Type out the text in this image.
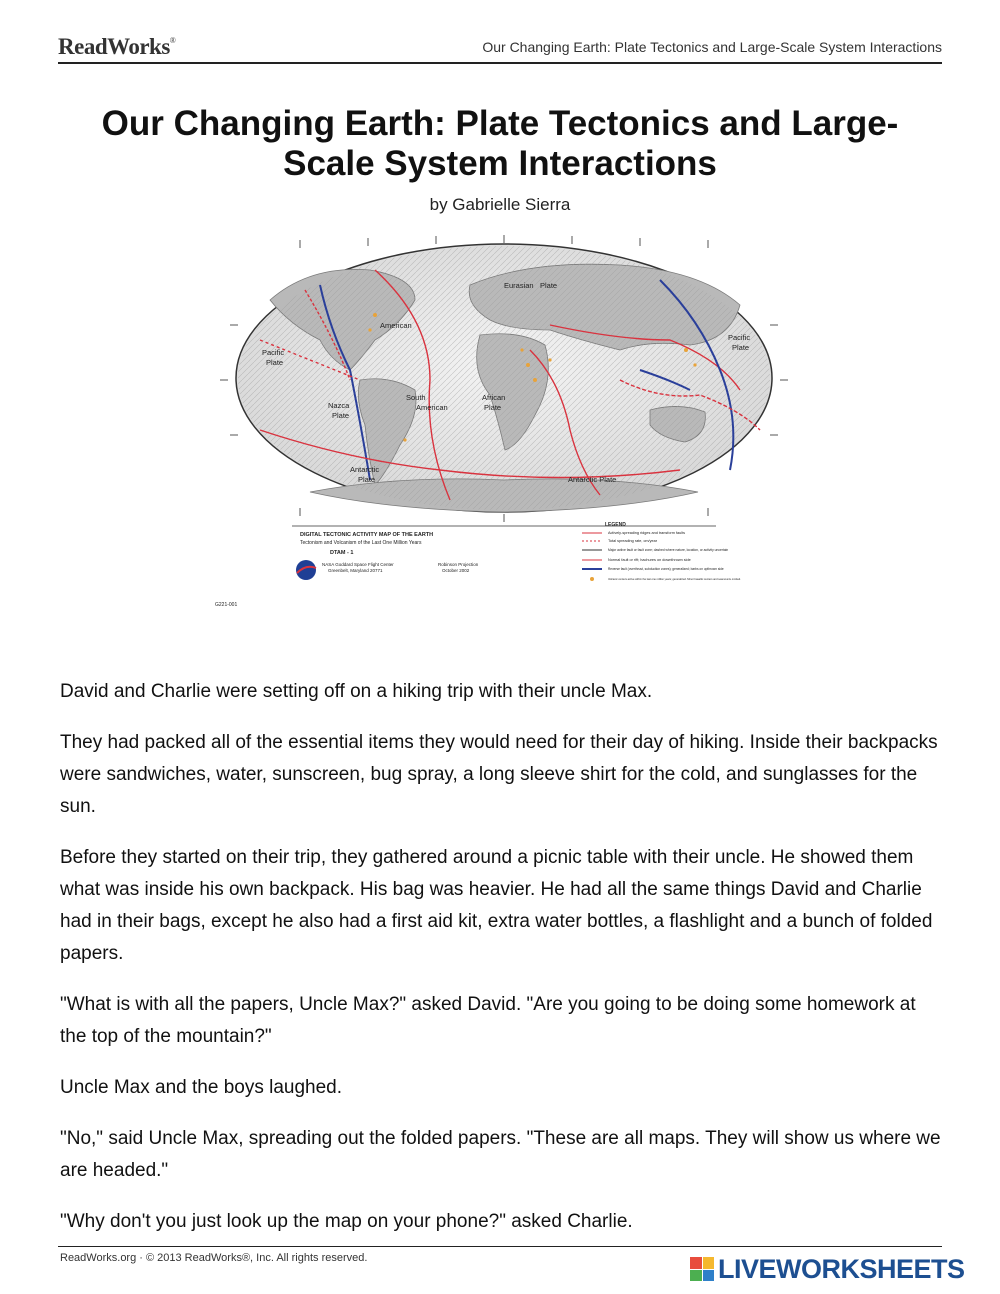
ReadWorks®	Our Changing Earth: Plate Tectonics and Large-Scale System Interactions
Our Changing Earth: Plate Tectonics and Large-
Scale System Interactions
by Gabrielle Sierra
Eurasian Plate
Pacific
Plate
American
Nazca
Plate
South
American
African
Plate
Antarctic
Plate	Antarctic Plate
Pacific
Plate
DIGITAL TECTONIC ACTIVITY MAP OF THE EARTH
Tectonism and Volcanism of the Last One Million Years
DTAM - 1
NASA Goddard Space Flight Center
Greenbelt, Maryland 20771
Robinson Projection
October 2002
LEGEND
Actively-spreading ridges and transform faults
Total spreading rate, cm/year
Major active fault or fault zone; dashed where nature, location, or activity uncertain
Normal fault or rift; hachures on downthrown side
Reverse fault (overthrust, subduction zones); generalized; barbs on upthrown side
Volcanic centers active within the last one million years; generalized. Minor basaltic centers and seamounts omitted.
G221-001

David and Charlie were setting off on a hiking trip with their uncle Max.

They had packed all of the essential items they would need for their day of hiking. Inside their backpacks were sandwiches, water, sunscreen, bug spray, a long sleeve shirt for the cold, and sunglasses for the sun.

Before they started on their trip, they gathered around a picnic table with their uncle. He showed them what was inside his own backpack. His bag was heavier. He had all the same things David and Charlie had in their bags, except he also had a first aid kit, extra water bottles, a flashlight and a bunch of folded papers.

"What is with all the papers, Uncle Max?" asked David. "Are you going to be doing some homework at the top of the mountain?"

Uncle Max and the boys laughed.

"No," said Uncle Max, spreading out the folded papers. "These are all maps. They will show us where we are headed."

"Why don't you just look up the map on your phone?" asked Charlie.

ReadWorks.org · © 2013 ReadWorks®, Inc. All rights reserved.	LIVEWORKSHEETS
